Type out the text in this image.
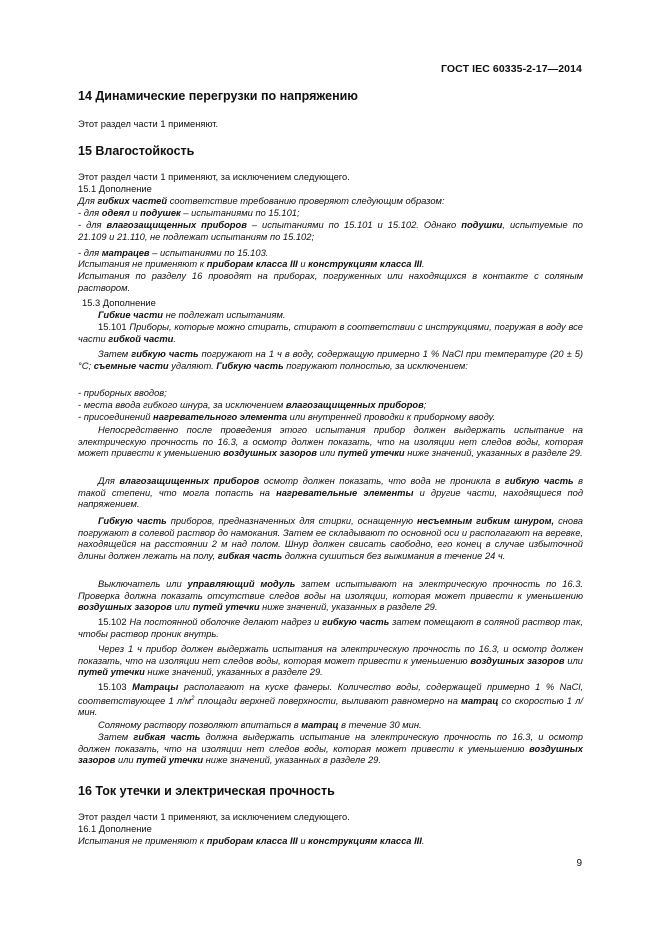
ГОСТ IEC 60335-2-17—2014
14 Динамические перегрузки по напряжению

Этот раздел части 1 применяют.

15 Влагостойкость

Этот раздел части 1 применяют, за исключением следующего.

15.1 Дополнение

Для гибких частей соответствие требованию проверяют следующим образом:

- для одеял и подушек – испытаниями по 15.101;

- для влагозащищенных приборов – испытаниями по 15.101 и 15.102. Однако подушки, испытуемые по 21.109 и 21.110, не подлежат испытаниям по 15.102;

- для матрацев – испытаниями по 15.103.

Испытания не применяют к приборам класса III и конструкциям класса III.

Испытания по разделу 16 проводят на приборах, погруженных или находящихся в контакте с соляным раствором.

15.3 Дополнение

Гибкие части не подлежат испытаниям.

15.101 Приборы, которые можно стирать, стирают в соответствии с инструкциями, погружая в воду все части гибкой части.

Затем гибкую часть погружают на 1 ч в воду, содержащую примерно 1 % NaCl при температуре (20 ± 5) °С; съемные части удаляют. Гибкую часть погружают полностью, за исключением:

- приборных вводов;

- места ввода гибкого шнура, за исключением влагозащищенных приборов;

- присоединений нагревательного элемента или внутренней проводки к приборному вводу.

Непосредственно после проведения этого испытания прибор должен выдержать испытание на электрическую прочность по 16.3, а осмотр должен показать, что на изоляции нет следов воды, которая может привести к уменьшению воздушных зазоров или путей утечки ниже значений, указанных в разделе 29.

Для влагозащищенных приборов осмотр должен показать, что вода не проникла в гибкую часть в такой степени, что могла попасть на нагревательные элементы и другие части, находящиеся под напряжением.

Гибкую часть приборов, предназначенных для стирки, оснащенную несъемным гибким шнуром, снова погружают в солевой раствор до намокания. Затем ее складывают по основной оси и располагают на веревке, находящейся на расстоянии 2 м над полом. Шнур должен свисать свободно, его конец в случае избыточной длины должен лежать на полу, гибкая часть должна сушиться без выжимания в течение 24 ч.

Выключатель или управляющий модуль затем испытывают на электрическую прочность по 16.3. Проверка должна показать отсутствие следов воды на изоляции, которая может привести к уменьшению воздушных зазоров или путей утечки ниже значений, указанных в разделе 29.

15.102 На постоянной оболочке делают надрез и гибкую часть затем помещают в соляной раствор так, чтобы раствор проник внутрь.

Через 1 ч прибор должен выдержать испытания на электрическую прочность по 16.3, и осмотр должен показать, что на изоляции нет следов воды, которая может привести к уменьшению воздушных зазоров или путей утечки ниже значений, указанных в разделе 29.

15.103 Матрацы располагают на куске фанеры. Количество воды, содержащей примерно 1 % NaCl, соответствующее 1 $л/м^2$ площади верхней поверхности, выливают равномерно на матрац со скоростью 1 л/мин.

Соляному раствору позволяют впитаться в матрац в течение 30 мин.

Затем гибкая часть должна выдержать испытание на электрическую прочность по 16.3, и осмотр должен показать, что на изоляции нет следов воды, которая может привести к уменьшению воздушных зазоров или путей утечки ниже значений, указанных в разделе 29.

16 Ток утечки и электрическая прочность

Этот раздел части 1 применяют, за исключением следующего.

16.1 Дополнение

Испытания не применяют к приборам класса III и конструкциям класса III.

9
